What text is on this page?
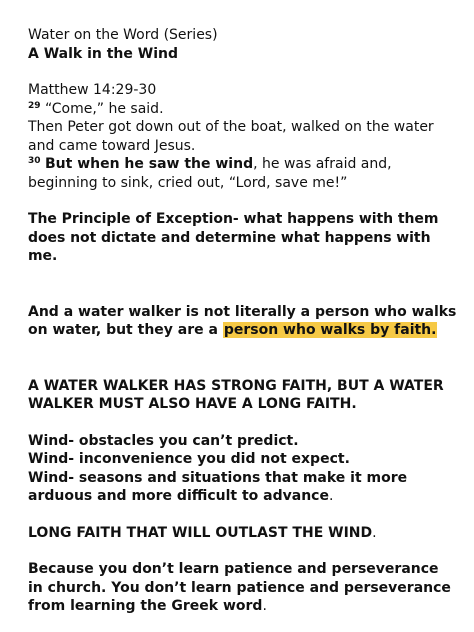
Water on the Word (Series)

A Walk in the Wind

Matthew 14:29-30

$^{29}$ “Come,” he said.

Then Peter got down out of the boat, walked on the water and came toward Jesus.

$^{30}$ But when he saw the wind, he was afraid and, beginning to sink, cried out, “Lord, save me!”

The Principle of Exception- what happens with them does not dictate and determine what happens with me.

And a water walker is not literally a person who walks on water, but they are a person who walks by faith.

A WATER WALKER HAS STRONG FAITH, BUT A WATER WALKER MUST ALSO HAVE A LONG FAITH.

Wind- obstacles you can’t predict.

Wind- inconvenience you did not expect.

Wind- seasons and situations that make it more arduous and more difficult to advance.

LONG FAITH THAT WILL OUTLAST THE WIND.

Because you don’t learn patience and perseverance in church. You don’t learn patience and perseverance from learning the Greek word.
